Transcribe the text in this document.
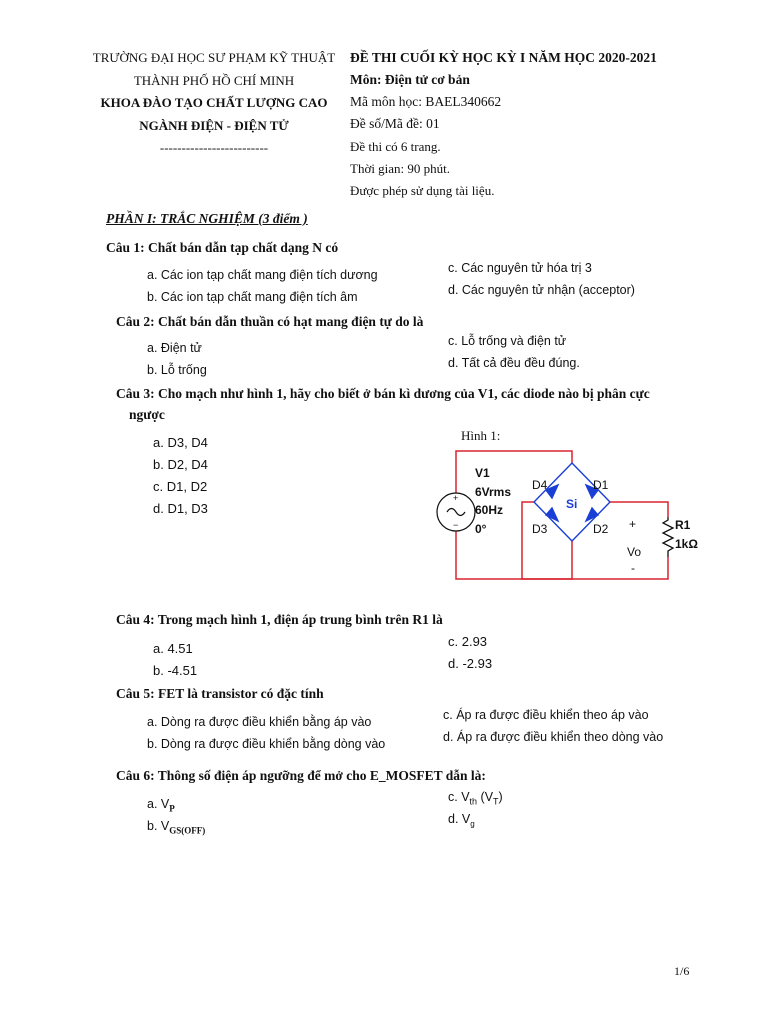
TRƯỜNG ĐẠI HỌC SƯ PHẠM KỸ THUẬT
THÀNH PHỐ HỒ CHÍ MINH
KHOA ĐÀO TẠO CHẤT LƯỢNG CAO
NGÀNH ĐIỆN - ĐIỆN TỬ
-------------------------
ĐỀ THI CUỐI KỲ HỌC KỲ I NĂM HỌC 2020-2021
Môn: Điện tử cơ bản
Mã môn học: BAEL340662
Đề số/Mã đề: 01
Đề thi có 6 trang.
Thời gian: 90 phút.
Được phép sử dụng tài liệu.
PHẦN I: TRẮC NGHIỆM (3 điểm )
Câu 1: Chất bán dẫn tạp chất dạng N có
a. Các ion tạp chất mang điện tích dương
b. Các ion tạp chất mang điện tích âm
c. Các nguyên tử hóa trị 3
d. Các nguyên tử nhận (acceptor)
Câu 2: Chất bán dẫn thuần có hạt mang điện tự do là
a. Điện tử
b. Lỗ trống
c. Lỗ trống và điện tử
d. Tất cả đều đều đúng.
Câu 3: Cho mạch như hình 1, hãy cho biết ở bán kì dương của V1, các diode nào bị phân cực
ngược
a. D3, D4
b. D2, D4
c. D1, D2
d. D1, D3
Hình 1:
+
−
V1
6Vrms
60Hz
0°
Si
D4	D1
D3	D2 +
Vo
-
R1
1kΩ
Câu 4: Trong mạch hình 1, điện áp trung bình trên R1 là
a. 4.51
b. -4.51
c. 2.93
d. -2.93
Câu 5: FET là transistor có đặc tính
a. Dòng ra được điều khiển bằng áp vào
b. Dòng ra được điều khiển bằng dòng vào
c. Áp ra được điều khiển theo áp vào
d. Áp ra được điều khiển theo dòng vào
Câu 6: Thông số điện áp ngưỡng để mở cho E_MOSFET dẫn là:
a. $V_P$
b. $V_{GS(OFF)}$
c. $V_{th}$ $(V_T)$
d. $V_g$
1/6
